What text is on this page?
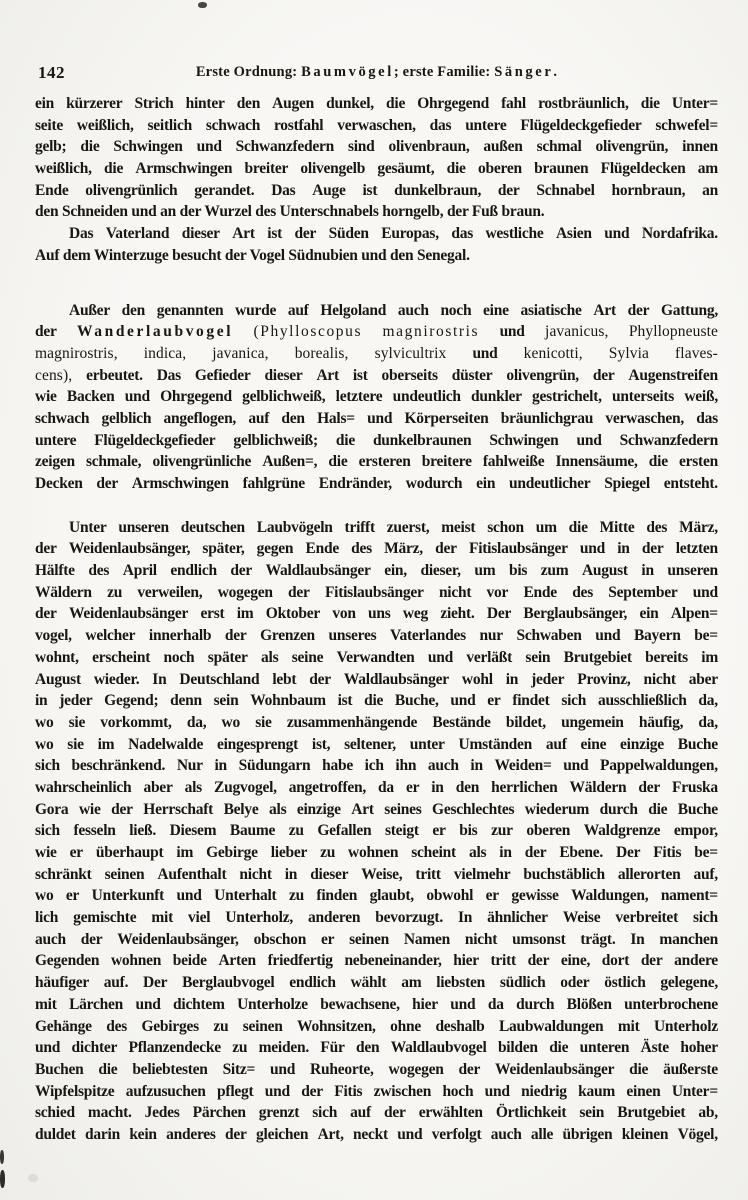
142	Erste Ordnung: Baumvögel; erste Familie: Sänger.
ein kürzerer Strich hinter den Augen dunkel, die Ohrgegend fahl rostbräunlich, die Unter=
seite weißlich, seitlich schwach rostfahl verwaschen, das untere Flügeldeckgefieder schwefel=
gelb; die Schwingen und Schwanzfedern sind olivenbraun, außen schmal olivengrün, innen
weißlich, die Armschwingen breiter olivengelb gesäumt, die oberen braunen Flügeldecken am
Ende olivengrünlich gerandet. Das Auge ist dunkelbraun, der Schnabel hornbraun, an
den Schneiden und an der Wurzel des Unterschnabels horngelb, der Fuß braun.
Das Vaterland dieser Art ist der Süden Europas, das westliche Asien und Nordafrika.
Auf dem Winterzuge besucht der Vogel Südnubien und den Senegal.
Außer den genannten wurde auf Helgoland auch noch eine asiatische Art der Gattung,
der Wanderlaubvogel (Phylloscopus magnirostris und javanicus, Phyllopneuste
magnirostris, indica, javanica, borealis, sylvicultrix und kenicotti, Sylvia flaves-
cens), erbeutet. Das Gefieder dieser Art ist oberseits düster olivengrün, der Augenstreifen
wie Backen und Ohrgegend gelblichweiß, letztere undeutlich dunkler gestrichelt, unterseits weiß,
schwach gelblich angeflogen, auf den Hals= und Körperseiten bräunlichgrau verwaschen, das
untere Flügeldeckgefieder gelblichweiß; die dunkelbraunen Schwingen und Schwanzfedern
zeigen schmale, olivengrünliche Außen=, die ersteren breitere fahlweiße Innensäume, die ersten
Decken der Armschwingen fahlgrüne Endränder, wodurch ein undeutlicher Spiegel entsteht.
Unter unseren deutschen Laubvögeln trifft zuerst, meist schon um die Mitte des März,
der Weidenlaubsänger, später, gegen Ende des März, der Fitislaubsänger und in der letzten
Hälfte des April endlich der Waldlaubsänger ein, dieser, um bis zum August in unseren
Wäldern zu verweilen, wogegen der Fitislaubsänger nicht vor Ende des September und
der Weidenlaubsänger erst im Oktober von uns weg zieht. Der Berglaubsänger, ein Alpen=
vogel, welcher innerhalb der Grenzen unseres Vaterlandes nur Schwaben und Bayern be=
wohnt, erscheint noch später als seine Verwandten und verläßt sein Brutgebiet bereits im
August wieder. In Deutschland lebt der Waldlaubsänger wohl in jeder Provinz, nicht aber
in jeder Gegend; denn sein Wohnbaum ist die Buche, und er findet sich ausschließlich da,
wo sie vorkommt, da, wo sie zusammenhängende Bestände bildet, ungemein häufig, da,
wo sie im Nadelwalde eingesprengt ist, seltener, unter Umständen auf eine einzige Buche
sich beschränkend. Nur in Südungarn habe ich ihn auch in Weiden= und Pappelwaldungen,
wahrscheinlich aber als Zugvogel, angetroffen, da er in den herrlichen Wäldern der Fruska
Gora wie der Herrschaft Belye als einzige Art seines Geschlechtes wiederum durch die Buche
sich fesseln ließ. Diesem Baume zu Gefallen steigt er bis zur oberen Waldgrenze empor,
wie er überhaupt im Gebirge lieber zu wohnen scheint als in der Ebene. Der Fitis be=
schränkt seinen Aufenthalt nicht in dieser Weise, tritt vielmehr buchstäblich allerorten auf,
wo er Unterkunft und Unterhalt zu finden glaubt, obwohl er gewisse Waldungen, nament=
lich gemischte mit viel Unterholz, anderen bevorzugt. In ähnlicher Weise verbreitet sich
auch der Weidenlaubsänger, obschon er seinen Namen nicht umsonst trägt. In manchen
Gegenden wohnen beide Arten friedfertig nebeneinander, hier tritt der eine, dort der andere
häufiger auf. Der Berglaubvogel endlich wählt am liebsten südlich oder östlich gelegene,
mit Lärchen und dichtem Unterholze bewachsene, hier und da durch Blößen unterbrochene
Gehänge des Gebirges zu seinen Wohnsitzen, ohne deshalb Laubwaldungen mit Unterholz
und dichter Pflanzendecke zu meiden. Für den Waldlaubvogel bilden die unteren Äste hoher
Buchen die beliebtesten Sitz= und Ruheorte, wogegen der Weidenlaubsänger die äußerste
Wipfelspitze aufzusuchen pflegt und der Fitis zwischen hoch und niedrig kaum einen Unter=
schied macht. Jedes Pärchen grenzt sich auf der erwählten Örtlichkeit sein Brutgebiet ab,
duldet darin kein anderes der gleichen Art, neckt und verfolgt auch alle übrigen kleinen Vögel,
